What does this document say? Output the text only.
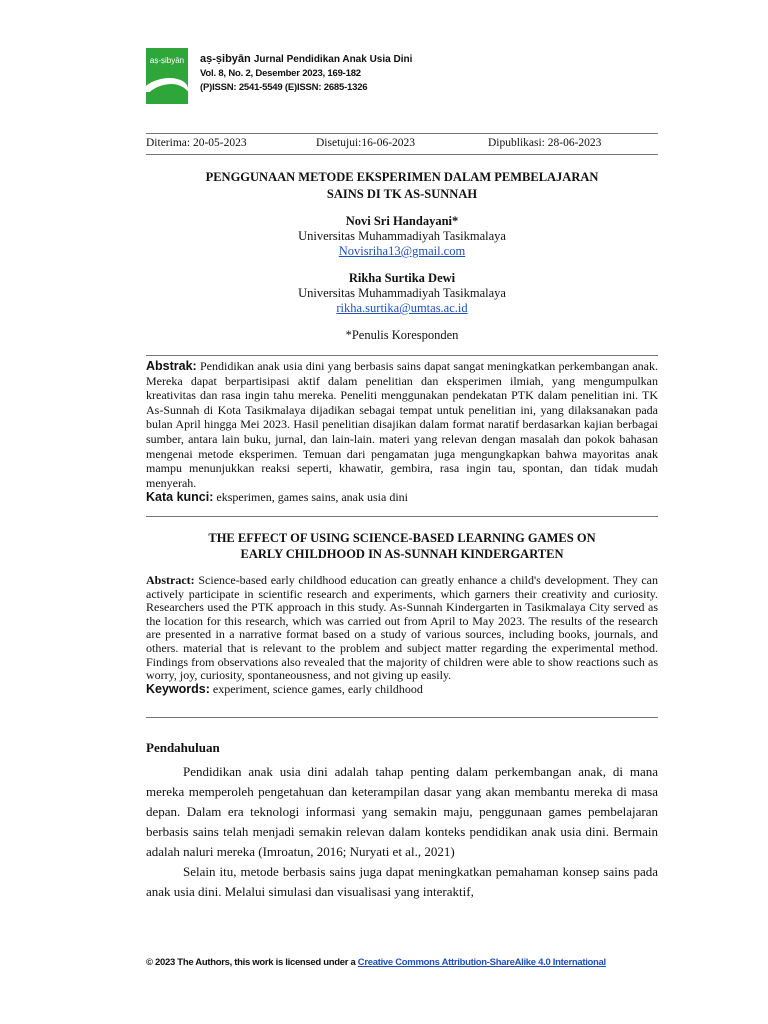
aṣ-ṣibyān	aṣ-ṣibyān Jurnal Pendidikan Anak Usia Dini
Vol. 8, No. 2, Desember 2023, 169-182
(P)ISSN: 2541-5549 (E)ISSN: 2685-1326
Diterima: 20-05-2023	Disetujui:16-06-2023	Dipublikasi: 28-06-2023
PENGGUNAAN METODE EKSPERIMEN DALAM PEMBELAJARAN
SAINS DI TK AS-SUNNAH
Novi Sri Handayani*
Universitas Muhammadiyah Tasikmalaya
Novisriha13@gmail.com
Rikha Surtika Dewi
Universitas Muhammadiyah Tasikmalaya
rikha.surtika@umtas.ac.id
*Penulis Koresponden
Abstrak: Pendidikan anak usia dini yang berbasis sains dapat sangat meningkatkan perkembangan anak. Mereka dapat berpartisipasi aktif dalam penelitian dan eksperimen ilmiah, yang mengumpulkan kreativitas dan rasa ingin tahu mereka. Peneliti menggunakan pendekatan PTK dalam penelitian ini. TK As-Sunnah di Kota Tasikmalaya dijadikan sebagai tempat untuk penelitian ini, yang dilaksanakan pada bulan April hingga Mei 2023. Hasil penelitian disajikan dalam format naratif berdasarkan kajian berbagai sumber, antara lain buku, jurnal, dan lain-lain. materi yang relevan dengan masalah dan pokok bahasan mengenai metode eksperimen. Temuan dari pengamatan juga mengungkapkan bahwa mayoritas anak mampu menunjukkan reaksi seperti, khawatir, gembira, rasa ingin tau, spontan, dan tidak mudah menyerah.
Kata kunci: eksperimen, games sains, anak usia dini
THE EFFECT OF USING SCIENCE-BASED LEARNING GAMES ON
EARLY CHILDHOOD IN AS-SUNNAH KINDERGARTEN
Abstract: Science-based early childhood education can greatly enhance a child's development. They can actively participate in scientific research and experiments, which garners their creativity and curiosity. Researchers used the PTK approach in this study. As-Sunnah Kindergarten in Tasikmalaya City served as the location for this research, which was carried out from April to May 2023. The results of the research are presented in a narrative format based on a study of various sources, including books, journals, and others. material that is relevant to the problem and subject matter regarding the experimental method. Findings from observations also revealed that the majority of children were able to show reactions such as worry, joy, curiosity, spontaneousness, and not giving up easily.
Keywords: experiment, science games, early childhood
Pendahuluan

Pendidikan anak usia dini adalah tahap penting dalam perkembangan anak, di mana mereka memperoleh pengetahuan dan keterampilan dasar yang akan membantu mereka di masa depan. Dalam era teknologi informasi yang semakin maju, penggunaan games pembelajaran berbasis sains telah menjadi semakin relevan dalam konteks pendidikan anak usia dini. Bermain adalah naluri mereka (Imroatun, 2016; Nuryati et al., 2021)

Selain itu, metode berbasis sains juga dapat meningkatkan pemahaman konsep sains pada anak usia dini. Melalui simulasi dan visualisasi yang interaktif,

© 2023 The Authors, this work is licensed under a Creative Commons Attribution-ShareAlike 4.0 International
